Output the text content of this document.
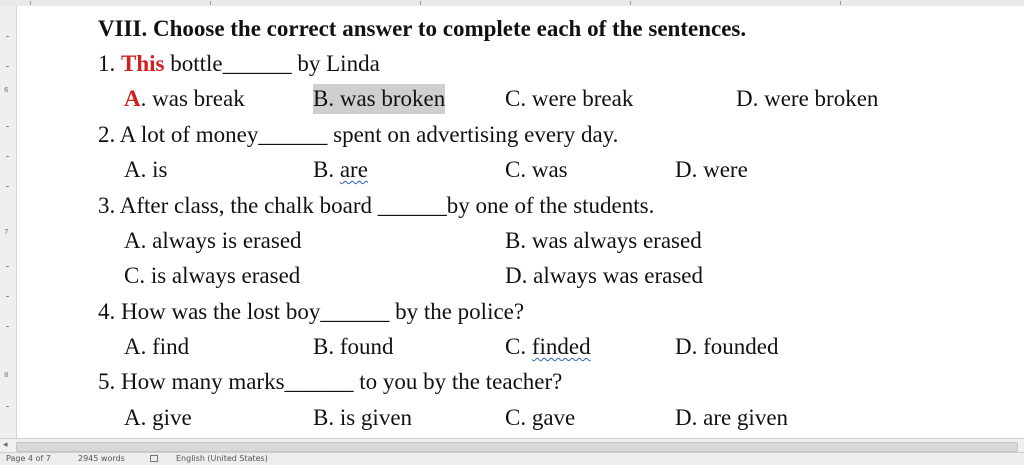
6
7
8
VIII. Choose the correct answer to complete each of the sentences.
1. This bottle______ by Linda
A. was break	B. was broken	C. were break	D. were broken
2. A lot of money______ spent on advertising every day.
A. is	B. are	C. was	D. were
3. After class, the chalk board ______by one of the students.
A. always is erased	B. was always erased
C. is always erased	D. always was erased
4. How was the lost boy______ by the police?
A. find	B. found	C. finded	D. founded
5. How many marks______ to you by the teacher?
A. give	B. is given	C. gave	D. are given
◂
Page 4 of 7	2945 words	English (United States)
